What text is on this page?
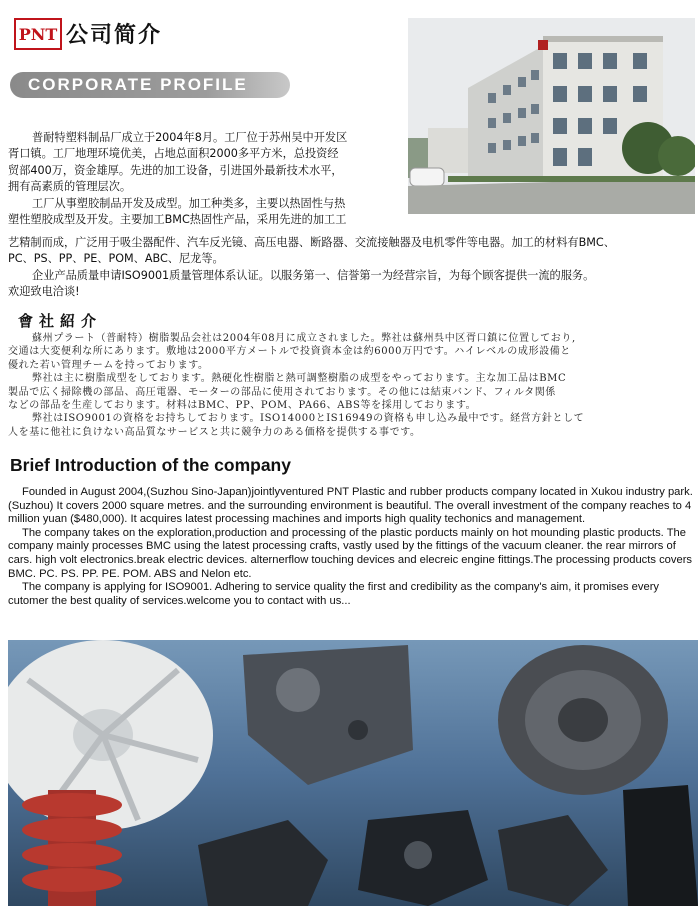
PNT 公司简介
CORPORATE PROFILE

普耐特塑料制品厂成立于2004年8月。工厂位于苏州吴中开发区

胥口镇。工厂地理环境优美，占地总面积2000多平方米，总投资经

贸部400万，资金雄厚。先进的加工设备，引进国外最新技术水平，

拥有高素质的管理层次。

工厂从事塑胶制品开发及成型。加工种类多，主要以热固性与热

塑性塑胶成型及开发。主要加工BMC热固性产品，采用先进的加工工

艺精制而成，广泛用于吸尘器配件、汽车反光镜、高压电器、断路器、交流接触器及电机零件等电器。加工的材料有BMC、

PC、PS、PP、PE、POM、ABC、尼龙等。

企业产品质量申请ISO9001质量管理体系认证。以服务第一、信誉第一为经营宗旨，为每个顾客提供一流的服务。

欢迎致电洽谈!

會社紹介
蘇州プラート（普耐特）樹脂製品会社は2004年08月に成立されました。弊社は蘇州呉中区胥口鎮に位置しており,
交通は大変便利な所にあります。敷地は2000平方メートルで投資資本金は約6000万円です。ハイレベルの成形設備と
優れた若い管理チームを持っております。
弊社は主に樹脂成型をしております。熱硬化性樹脂と熱可調整樹脂の成型をやっております。主な加工品はBMC
製品で広く掃除機の部品、高圧電器、モーターの部品に使用されております。その他には結束バンド、フィルタ関係
などの部品を生産しております。材料はBMC、PP、POM、PA66、ABS等を採用しております。
弊社はISO9001の資格をお持ちしております。ISO14000とIS16949の資格も申し込み最中です。経営方針として
人を基に他社に負けない高品質なサービスと共に競争力のある価格を提供する事です。
Brief Introduction of the company

Founded in August 2004,(Suzhou Sino-Japan)jointlyventured PNT Plastic and rubber products company located in Xukou industry park.(Suzhou) It covers 2000 square metres. and the surrounding environment is beautiful. The overall investment of the company reaches to 4 million yuan ($480,000). It acquires latest processing machines and imports high quality techonics and management.

The company takes on the exploration,production and processing of the plastic porducts mainly on hot mounding plastic products. The company mainly processes BMC using the latest processing crafts, vastly used by the fittings of the vacuum cleaner. the rear mirrors of cars. high volt electronics.break electric devices. alternerflow touching devices and elecreic engine fittings.The processing products covers BMC. PC. PS. PP. PE. POM. ABS and Nelon etc.

The company is applying for ISO9001. Adhering to service quality the first and credibility as the company's aim, it promises every cutomer the best quality of services.welcome you to contact with us...
